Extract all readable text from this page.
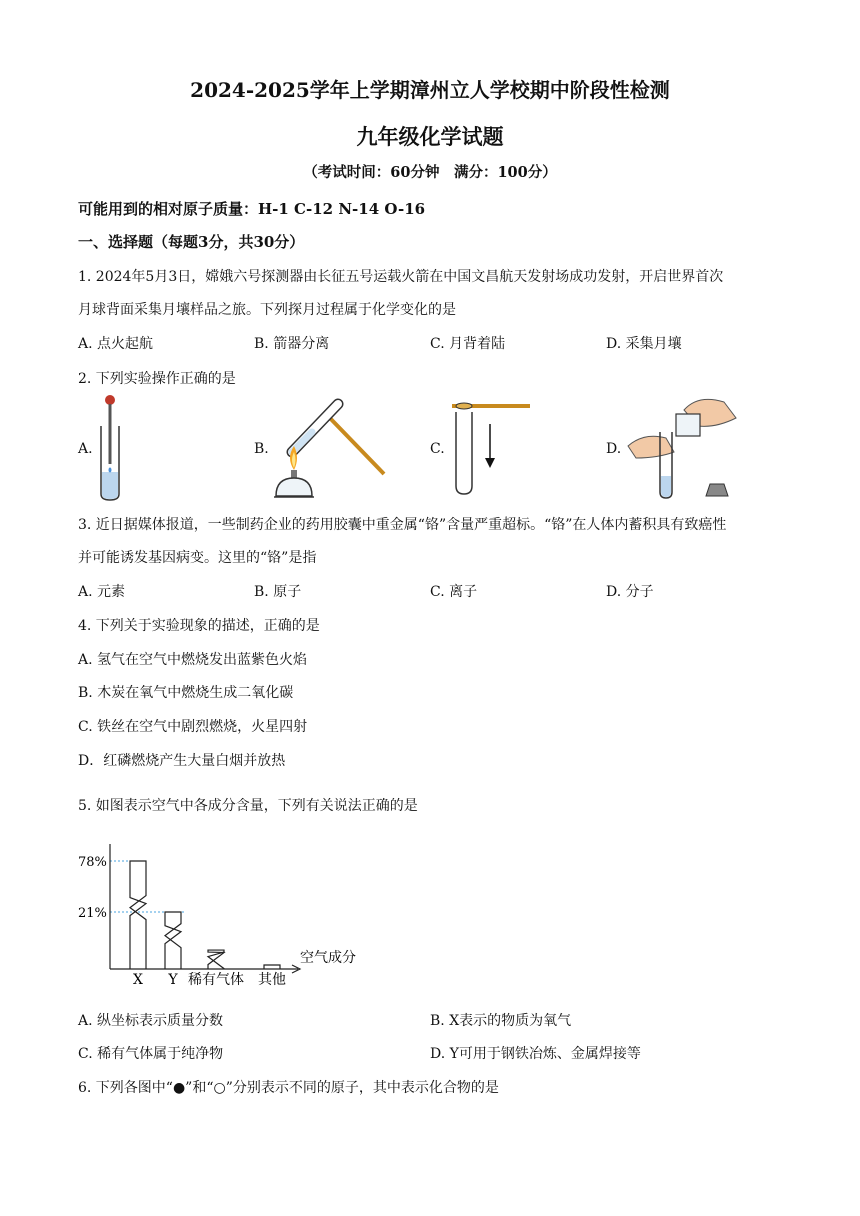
2024-2025学年上学期漳州立人学校期中阶段性检测
九年级化学试题
（考试时间：60分钟　满分：100分）
可能用到的相对原子质量：H-1 C-12 N-14 O-16
一、选择题（每题3分，共30分）
1. 2024年5月3日，嫦娥六号探测器由长征五号运载火箭在中国文昌航天发射场成功发射，开启世界首次
月球背面采集月壤样品之旅。下列探月过程属于化学变化的是
A. 点火起航	B. 箭器分离	C. 月背着陆	D. 采集月壤
2. 下列实验操作正确的是
A.	B.	C.	D.
3. 近日据媒体报道，一些制药企业的药用胶囊中重金属“铬”含量严重超标。“铬”在人体内蓄积具有致癌性
并可能诱发基因病变。这里的“铬”是指
A. 元素	B. 原子	C. 离子	D. 分子
4. 下列关于实验现象的描述，正确的是
A. 氢气在空气中燃烧发出蓝紫色火焰
B. 木炭在氧气中燃烧生成二氧化碳
C. 铁丝在空气中剧烈燃烧，火星四射
D．红磷燃烧产生大量白烟并放热
5. 如图表示空气中各成分含量，下列有关说法正确的是
X Y 稀有气体 其他
78%
21%
空气成分
A. 纵坐标表示质量分数	B. X表示的物质为氧气
C. 稀有气体属于纯净物	D. Y可用于钢铁冶炼、金属焊接等
6. 下列各图中“●”和“○”分别表示不同的原子，其中表示化合物的是
